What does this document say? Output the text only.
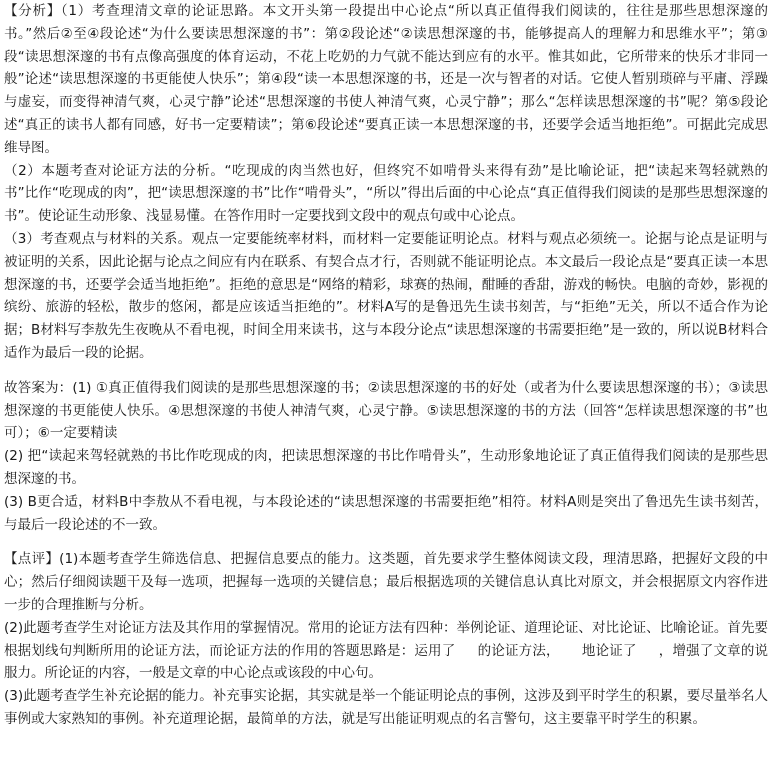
【分析】（1）考查理清文章的论证思路。本文开头第一段提出中心论点“所以真正值得我们阅读的，往往是那些思想深邃的书。”然后②至④段论述“为什么要读思想深邃的书”：第②段论述“②读思想深邃的书，能够提高人的理解力和思维水平”；第③段“读思想深邃的书有点像高强度的体育运动，不花上吃奶的力气就不能达到应有的水平。惟其如此，它所带来的快乐才非同一般”论述“读思想深邃的书更能使人快乐”；第④段“读一本思想深邃的书，还是一次与智者的对话。它使人暂别琐碎与平庸、浮躁与虚妄，而变得神清气爽，心灵宁静”论述“思想深邃的书使人神清气爽，心灵宁静”；那么“怎样读思想深邃的书”呢？第⑤段论述“真正的读书人都有同感，好书一定要精读”；第⑥段论述“要真正读一本思想深邃的书，还要学会适当地拒绝”。可据此完成思维导图。

（2）本题考查对论证方法的分析。“吃现成的肉当然也好，但终究不如啃骨头来得有劲”是比喻论证，把“读起来驾轻就熟的书”比作“吃现成的肉”，把“读思想深邃的书”比作“啃骨头”，“所以”得出后面的中心论点“真正值得我们阅读的是那些思想深邃的书”。使论证生动形象、浅显易懂。在答作用时一定要找到文段中的观点句或中心论点。

（3）考查观点与材料的关系。观点一定要能统率材料，而材料一定要能证明论点。材料与观点必须统一。论据与论点是证明与被证明的关系，因此论据与论点之间应有内在联系、有契合点才行，否则就不能证明论点。本文最后一段论点是“要真正读一本思想深邃的书，还要学会适当地拒绝”。拒绝的意思是“网络的精彩，球赛的热闹，酣睡的香甜，游戏的畅快。电脑的奇妙，影视的缤纷、旅游的轻松，散步的悠闲，都是应该适当拒绝的”。材料A写的是鲁迅先生读书刻苦，与“拒绝”无关，所以不适合作为论据；B材料写李敖先生夜晚从不看电视，时间全用来读书，这与本段分论点“读思想深邃的书需要拒绝”是一致的，所以说B材料合适作为最后一段的论据。

故答案为：(1) ①真正值得我们阅读的是那些思想深邃的书；②读思想深邃的书的好处（或者为什么要读思想深邃的书）；③读思想深邃的书更能使人快乐。④思想深邃的书使人神清气爽，心灵宁静。⑤读思想深邃的书的方法（回答“怎样读思想深邃的书”也可）；⑥一定要精读

(2) 把“读起来驾轻就熟的书比作吃现成的肉，把读思想深邃的书比作啃骨头”，生动形象地论证了真正值得我们阅读的是那些思想深邃的书。

(3) B更合适，材料B中李敖从不看电视，与本段论述的“读思想深邃的书需要拒绝”相符。材料A则是突出了鲁迅先生读书刻苦，与最后一段论述的不一致。

【点评】(1)本题考查学生筛选信息、把握信息要点的能力。这类题，首先要求学生整体阅读文段，理清思路，把握好文段的中心；然后仔细阅读题干及每一选项，把握每一选项的关键信息；最后根据选项的关键信息认真比对原文，并会根据原文内容作进一步的合理推断与分析。

(2)此题考查学生对论证方法及其作用的掌握情况。常用的论证方法有四种：举例论证、道理论证、对比论证、比喻论证。首先要根据划线句判断所用的论证方法，而论证方法的作用的答题思路是：运用了 的论证方法， 地论证了 ，增强了文章的说服力。所论证的内容，一般是文章的中心论点或该段的中心句。

(3)此题考查学生补充论据的能力。补充事实论据，其实就是举一个能证明论点的事例，这涉及到平时学生的积累，要尽量举名人事例或大家熟知的事例。补充道理论据，最简单的方法，就是写出能证明观点的名言警句，这主要靠平时学生的积累。
